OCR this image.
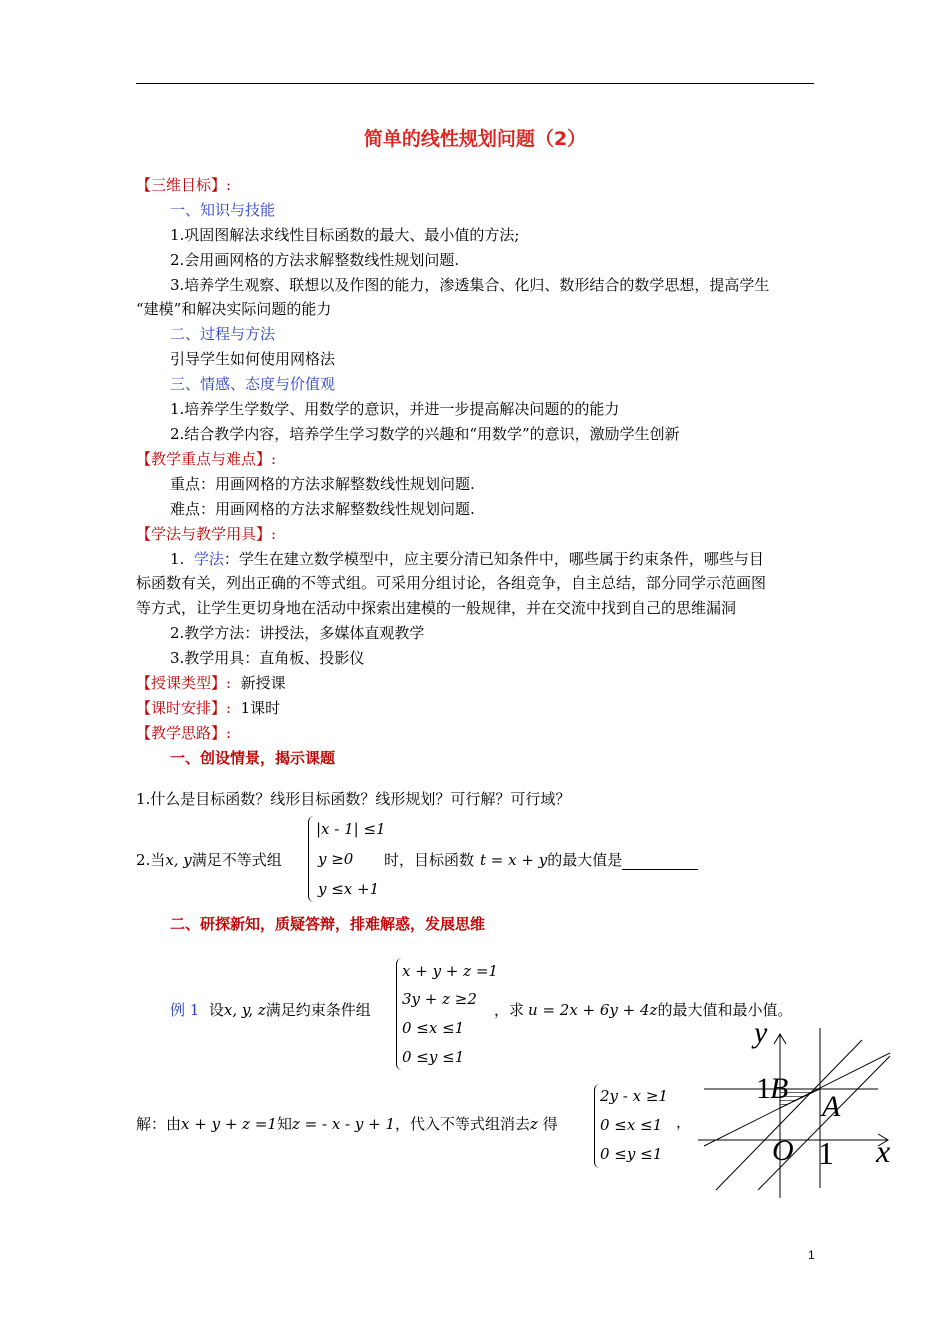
简单的线性规划问题（2）
【三维目标】:
一、知识与技能
1.巩固图解法求线性目标函数的最大、最小值的方法;
2.会用画网格的方法求解整数线性规划问题.
3.培养学生观察、联想以及作图的能力，渗透集合、化归、数形结合的数学思想，提高学生
“建模”和解决实际问题的能力
二、过程与方法
引导学生如何使用网格法
三、情感、态度与价值观
1.培养学生学数学、用数学的意识，并进一步提高解决问题的的能力
2.结合教学内容，培养学生学习数学的兴趣和“用数学”的意识，激励学生创新
【教学重点与难点】:
重点：用画网格的方法求解整数线性规划问题.
难点：用画网格的方法求解整数线性规划问题.
【学法与教学用具】:
1. 学法：学生在建立数学模型中，应主要分清已知条件中，哪些属于约束条件，哪些与目
标函数有关，列出正确的不等式组。可采用分组讨论，各组竞争，自主总结，部分同学示范画图
等方式，让学生更切身地在活动中探索出建模的一般规律，并在交流中找到自己的思维漏洞
2.教学方法：讲授法，多媒体直观教学
3.教学用具：直角板、投影仪
【授课类型】: 新授课
【课时安排】: 1课时
【教学思路】:
一、创设情景，揭示课题
1.什么是目标函数？线形目标函数？线形规划？可行解？可行域？
2.当x, y满足不等式组
|x - 1| ≤1
y ≥0
y ≤x +1
时，目标函数 t = x + y的最大值是
二、研探新知，质疑答辩，排难解惑，发展思维
例 1 设x, y, z满足约束条件组
x + y + z =1
3y + z ≥2
0 ≤x ≤1
0 ≤y ≤1
，求 u = 2x + 6y + 4z的最大值和最小值。
解：由x + y + z =1知z = - x - y + 1，代入不等式组消去z 得
2y - x ≥1
0 ≤x ≤1
0 ≤y ≤1
，
y
x
O 1
1 B
A
1
